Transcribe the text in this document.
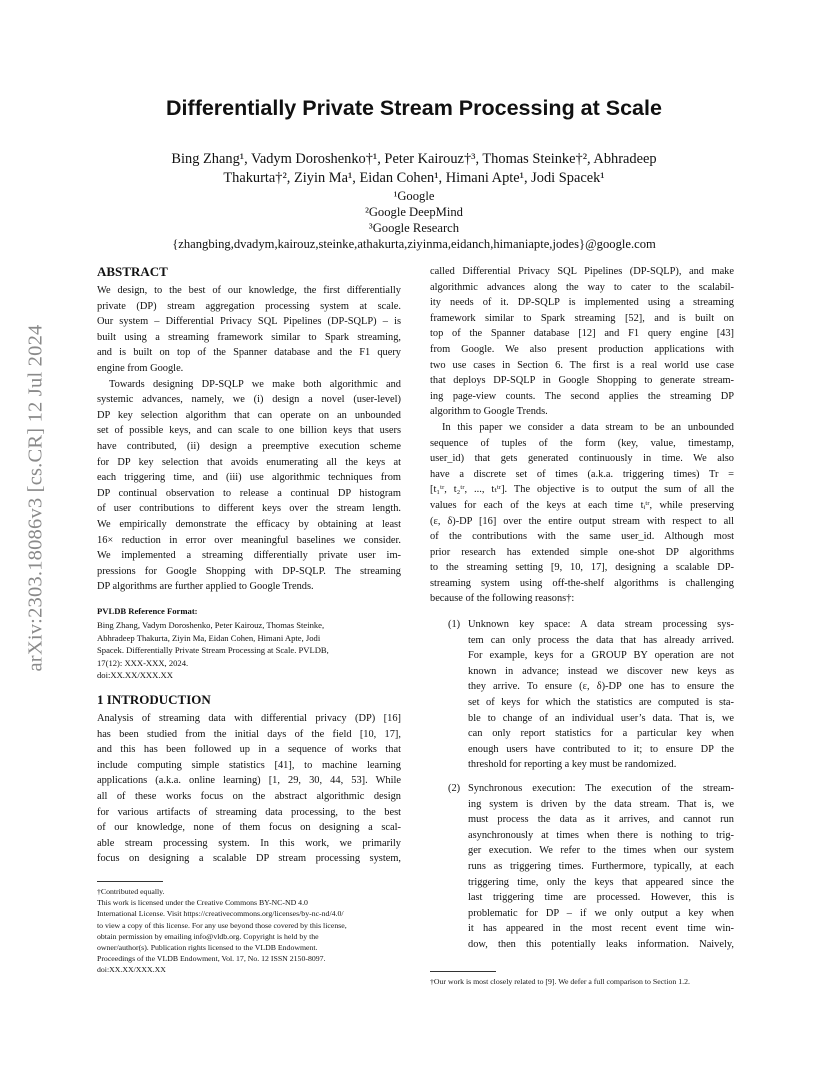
arXiv:2303.18086v3 [cs.CR] 12 Jul 2024
Differentially Private Stream Processing at Scale
Bing Zhang¹, Vadym Doroshenko†¹, Peter Kairouz†³, Thomas Steinke†², Abhradeep
Thakurta†², Ziyin Ma¹, Eidan Cohen¹, Himani Apte¹, Jodi Spacek¹
¹Google
²Google DeepMind
³Google Research
{zhangbing,dvadym,kairouz,steinke,athakurta,ziyinma,eidanch,himaniapte,jodes}@google.com
ABSTRACT
We design, to the best of our knowledge, the first differentially
private (DP) stream aggregation processing system at scale.
Our system – Differential Privacy SQL Pipelines (DP-SQLP) – is
built using a streaming framework similar to Spark streaming,
and is built on top of the Spanner database and the F1 query
engine from Google.
Towards designing DP-SQLP we make both algorithmic and
systemic advances, namely, we (i) design a novel (user-level)
DP key selection algorithm that can operate on an unbounded
set of possible keys, and can scale to one billion keys that users
have contributed, (ii) design a preemptive execution scheme
for DP key selection that avoids enumerating all the keys at
each triggering time, and (iii) use algorithmic techniques from
DP continual observation to release a continual DP histogram
of user contributions to different keys over the stream length.
We empirically demonstrate the efficacy by obtaining at least
16× reduction in error over meaningful baselines we consider.
We implemented a streaming differentially private user im-
pressions for Google Shopping with DP-SQLP. The streaming
DP algorithms are further applied to Google Trends.
PVLDB Reference Format:
Bing Zhang, Vadym Doroshenko, Peter Kairouz, Thomas Steinke,
Abhradeep Thakurta, Ziyin Ma, Eidan Cohen, Himani Apte, Jodi
Spacek. Differentially Private Stream Processing at Scale. PVLDB,
17(12): XXX-XXX, 2024.
doi:XX.XX/XXX.XX
1 INTRODUCTION
Analysis of streaming data with differential privacy (DP) [16]
has been studied from the initial days of the field [10, 17],
and this has been followed up in a sequence of works that
include computing simple statistics [41], to machine learning
applications (a.k.a. online learning) [1, 29, 30, 44, 53]. While
all of these works focus on the abstract algorithmic design
for various artifacts of streaming data processing, to the best
of our knowledge, none of them focus on designing a scal-
able stream processing system. In this work, we primarily
focus on designing a scalable DP stream processing system,
†Contributed equally.
This work is licensed under the Creative Commons BY-NC-ND 4.0
International License. Visit https://creativecommons.org/licenses/by-nc-nd/4.0/
to view a copy of this license. For any use beyond those covered by this license,
obtain permission by emailing info@vldb.org. Copyright is held by the
owner/author(s). Publication rights licensed to the VLDB Endowment.
Proceedings of the VLDB Endowment, Vol. 17, No. 12 ISSN 2150-8097.
doi:XX.XX/XXX.XX
called Differential Privacy SQL Pipelines (DP-SQLP), and make
algorithmic advances along the way to cater to the scalabil-
ity needs of it. DP-SQLP is implemented using a streaming
framework similar to Spark streaming [52], and is built on
top of the Spanner database [12] and F1 query engine [43]
from Google. We also present production applications with
two use cases in Section 6. The first is a real world use case
that deploys DP-SQLP in Google Shopping to generate stream-
ing page-view counts. The second applies the streaming DP
algorithm to Google Trends.
In this paper we consider a data stream to be an unbounded
sequence of tuples of the form (key, value, timestamp,
user_id) that gets generated continuously in time. We also
have a discrete set of times (a.k.a. triggering times) Tr =
[t₁ᵗʳ, t₂ᵗʳ, ..., tₜᵗʳ]. The objective is to output the sum of all the
values for each of the keys at each time tᵢᵗʳ, while preserving
(ε, δ)-DP [16] over the entire output stream with respect to all
of the contributions with the same user_id. Although most
prior research has extended simple one-shot DP algorithms
to the streaming setting [9, 10, 17], designing a scalable DP-
streaming system using off-the-shelf algorithms is challenging
because of the following reasons†:
(1) Unknown key space: A data stream processing sys-
tem can only process the data that has already arrived.
For example, keys for a GROUP BY operation are not
known in advance; instead we discover new keys as
they arrive. To ensure (ε, δ)-DP one has to ensure the
set of keys for which the statistics are computed is sta-
ble to change of an individual user’s data. That is, we
can only report statistics for a particular key when
enough users have contributed to it; to ensure DP the
threshold for reporting a key must be randomized.
(2) Synchronous execution: The execution of the stream-
ing system is driven by the data stream. That is, we
must process the data as it arrives, and cannot run
asynchronously at times when there is nothing to trig-
ger execution. We refer to the times when our system
runs as triggering times. Furthermore, typically, at each
triggering time, only the keys that appeared since the
last triggering time are processed. However, this is
problematic for DP – if we only output a key when
it has appeared in the most recent event time win-
dow, then this potentially leaks information. Naively,
†Our work is most closely related to [9]. We defer a full comparison to Section 1.2.
